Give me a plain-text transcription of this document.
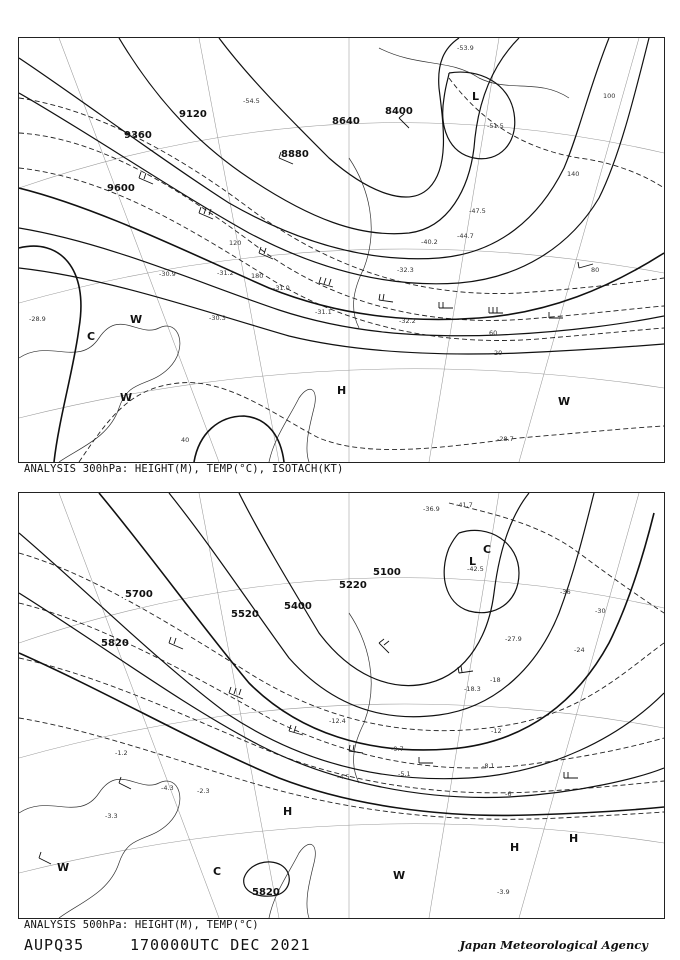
9600
9360
9120
8880
8640
8400
20
40
60
80
100
120
140
180
-28.9
-30.9	-31.2
-31.0
-32.3
-40.2
-44.7
-47.5
-51.5
-54.5
-53.9
-28.7
-32.2
-31.1
-30.3
L
H
W
C
W	W
ANALYSIS 300hPa: HEIGHT(M), TEMP(°C), ISOTACH(KT)
5700
5820
5520
5400
5220
5100
5820
-36
-30
-24
-18
-12
-6
-41.7
-42.5
-36.9
-27.9
-18.3
-12.4
-9.7
-5.1
-8.1
-4.5
-3.9
-4.3
-1.2
-2.3
-3.3
L
C
H
H
H
W
W
C
ANALYSIS 500hPa: HEIGHT(M), TEMP(°C)
AUPQ35	170000UTC DEC 2021	Japan Meteorological Agency
